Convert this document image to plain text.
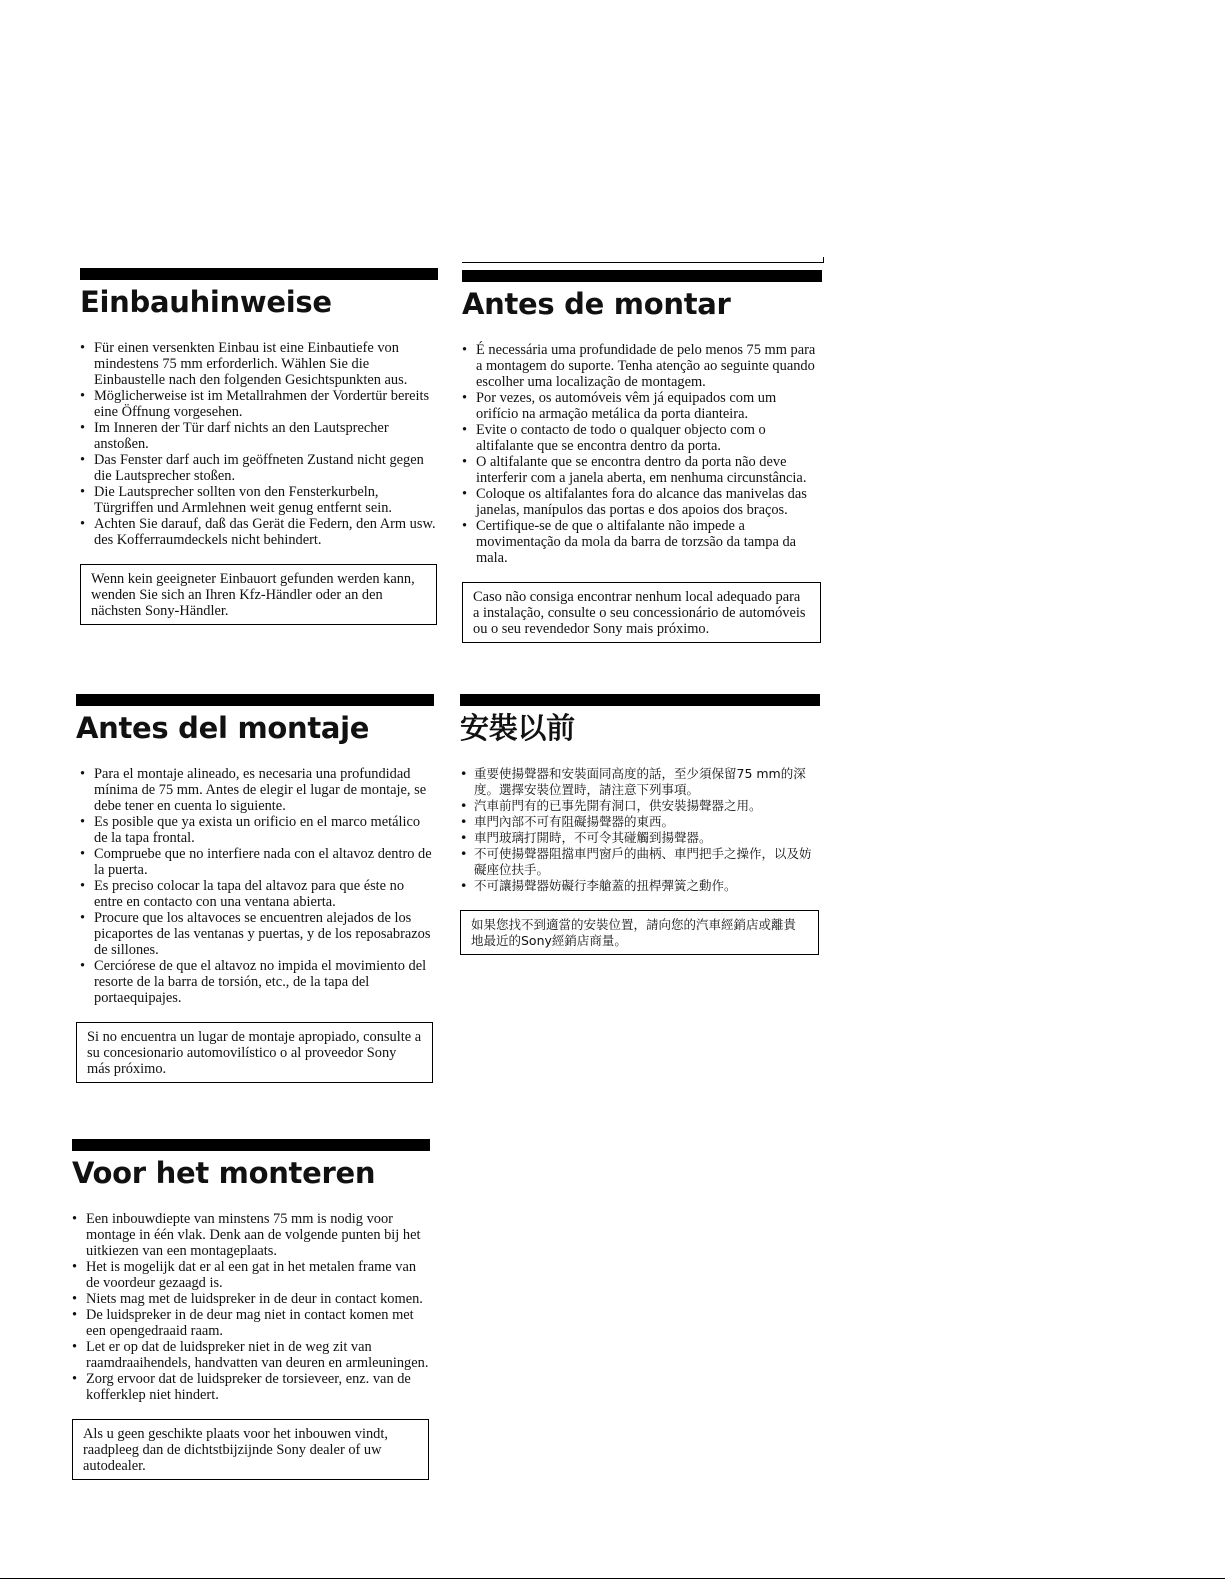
Einbauhinweise
• Für einen versenkten Einbau ist eine Einbautiefe von mindestens 75 mm erforderlich. Wählen Sie die Einbaustelle nach den folgenden Gesichtspunkten aus.
• Möglicherweise ist im Metallrahmen der Vordertür bereits eine Öffnung vorgesehen.
• Im Inneren der Tür darf nichts an den Lautsprecher anstoßen.
• Das Fenster darf auch im geöffneten Zustand nicht gegen die Lautsprecher stoßen.
• Die Lautsprecher sollten von den Fensterkurbeln, Türgriffen und Armlehnen weit genug entfernt sein.
• Achten Sie darauf, daß das Gerät die Federn, den Arm usw. des Kofferraumdeckels nicht behindert.
Wenn kein geeigneter Einbauort gefunden werden kann, wenden Sie sich an Ihren Kfz-Händler oder an den nächsten Sony-Händler.
Antes de montar
• É necessária uma profundidade de pelo menos 75 mm para a montagem do suporte. Tenha atenção ao seguinte quando escolher uma localização de montagem.
• Por vezes, os automóveis vêm já equipados com um orifício na armação metálica da porta dianteira.
• Evite o contacto de todo o qualquer objecto com o altifalante que se encontra dentro da porta.
• O altifalante que se encontra dentro da porta não deve interferir com a janela aberta, em nenhuma circunstância.
• Coloque os altifalantes fora do alcance das manivelas das janelas, manípulos das portas e dos apoios dos braços.
• Certifique-se de que o altifalante não impede a movimentação da mola da barra de torzsão da tampa da mala.
Caso não consiga encontrar nenhum local adequado para a instalação, consulte o seu concessionário de automóveis ou o seu revendedor Sony mais próximo.
Antes del montaje
• Para el montaje alineado, es necesaria una profundidad mínima de 75 mm. Antes de elegir el lugar de montaje, se debe tener en cuenta lo siguiente.
• Es posible que ya exista un orificio en el marco metálico de la tapa frontal.
• Compruebe que no interfiere nada con el altavoz dentro de la puerta.
• Es preciso colocar la tapa del altavoz para que éste no entre en contacto con una ventana abierta.
• Procure que los altavoces se encuentren alejados de los picaportes de las ventanas y puertas, y de los reposabrazos de sillones.
• Cerciórese de que el altavoz no impida el movimiento del resorte de la barra de torsión, etc., de la tapa del portaequipajes.
Si no encuentra un lugar de montaje apropiado, consulte a su concesionario automovilístico o al proveedor Sony más próximo.
安裝以前
• 重要使揚聲器和安裝面同高度的話，至少須保留75 mm的深度。選擇安裝位置時，請注意下列事項。
• 汽車前門有的已事先開有洞口，供安裝揚聲器之用。
• 車門內部不可有阻礙揚聲器的東西。
• 車門玻璃打開時，不可令其碰觸到揚聲器。
• 不可使揚聲器阻擋車門窗戶的曲柄、車門把手之操作，以及妨礙座位扶手。
• 不可讓揚聲器妨礙行李艙蓋的扭桿彈簧之動作。
如果您找不到適當的安裝位置，請向您的汽車經銷店或離貴地最近的Sony經銷店商量。
Voor het monteren
• Een inbouwdiepte van minstens 75 mm is nodig voor montage in één vlak. Denk aan de volgende punten bij het uitkiezen van een montageplaats.
• Het is mogelijk dat er al een gat in het metalen frame van de voordeur gezaagd is.
• Niets mag met de luidspreker in de deur in contact komen.
• De luidspreker in de deur mag niet in contact komen met een opengedraaid raam.
• Let er op dat de luidspreker niet in de weg zit van raamdraaihendels, handvatten van deuren en armleuningen.
• Zorg ervoor dat de luidspreker de torsieveer, enz. van de kofferklep niet hindert.
Als u geen geschikte plaats voor het inbouwen vindt, raadpleeg dan de dichtstbijzijnde Sony dealer of uw autodealer.
